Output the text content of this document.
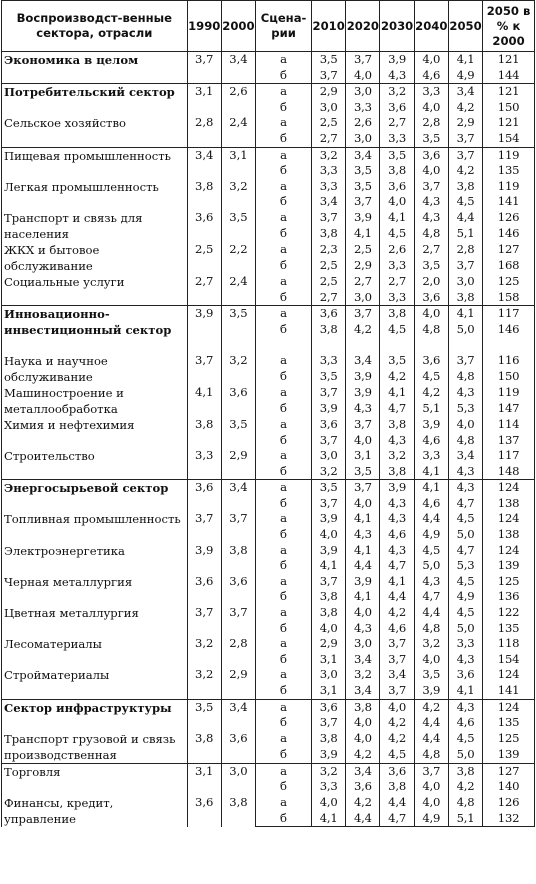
Воспроизводст-венные сектора, отрасли	1990	2000	Сцена-рии	2010	2020	2030	2040	2050	2050 в % к 2000
Экономика в целом	3,7	3,4	а	3,5	3,7	3,9	4,0	4,1	121
			б	3,7	4,0	4,3	4,6	4,9	144
Потребительский сектор	3,1	2,6	а	2,9	3,0	3,2	3,3	3,4	121
			б	3,0	3,3	3,6	4,0	4,2	150
Сельское хозяйство	2,8	2,4	а	2,5	2,6	2,7	2,8	2,9	121
			б	2,7	3,0	3,3	3,5	3,7	154
Пищевая промышленность	3,4	3,1	а	3,2	3,4	3,5	3,6	3,7	119
			б	3,3	3,5	3,8	4,0	4,2	135
Легкая промышленность	3,8	3,2	а	3,3	3,5	3,6	3,7	3,8	119
			б	3,4	3,7	4,0	4,3	4,5	141
Транспорт и связь для населения	3,6	3,5	а	3,7	3,9	4,1	4,3	4,4	126
			б	3,8	4,1	4,5	4,8	5,1	146
ЖКХ и бытовое обслуживание	2,5	2,2	а	2,3	2,5	2,6	2,7	2,8	127
			б	2,5	2,9	3,3	3,5	3,7	168
Социальные услуги	2,7	2,4	а	2,5	2,7	2,7	2,0	3,0	125
			б	2,7	3,0	3,3	3,6	3,8	158
Инновационно-инвестиционный сектор	3,9	3,5	а	3,6	3,7	3,8	4,0	4,1	117
			б	3,8	4,2	4,5	4,8	5,0	146

Наука и научное обслуживание	3,7	3,2	а	3,3	3,4	3,5	3,6	3,7	116
			б	3,5	3,9	4,2	4,5	4,8	150
Машиностроение и металлообработка	4,1	3,6	а	3,7	3,9	4,1	4,2	4,3	119
			б	3,9	4,3	4,7	5,1	5,3	147
Химия и нефтехимия	3,8	3,5	а	3,6	3,7	3,8	3,9	4,0	114
			б	3,7	4,0	4,3	4,6	4,8	137
Строительство	3,3	2,9	а	3,0	3,1	3,2	3,3	3,4	117
			б	3,2	3,5	3,8	4,1	4,3	148
Энергосырьевой сектор	3,6	3,4	а	3,5	3,7	3,9	4,1	4,3	124
			б	3,7	4,0	4,3	4,6	4,7	138
Топливная промышленность	3,7	3,7	а	3,9	4,1	4,3	4,4	4,5	124
			б	4,0	4,3	4,6	4,9	5,0	138
Электроэнергетика	3,9	3,8	а	3,9	4,1	4,3	4,5	4,7	124
			б	4,1	4,4	4,7	5,0	5,3	139
Черная металлургия	3,6	3,6	а	3,7	3,9	4,1	4,3	4,5	125
			б	3,8	4,1	4,4	4,7	4,9	136
Цветная металлургия	3,7	3,7	а	3,8	4,0	4,2	4,4	4,5	122
			б	4,0	4,3	4,6	4,8	5,0	135
Лесоматериалы	3,2	2,8	а	2,9	3,0	3,7	3,2	3,3	118
			б	3,1	3,4	3,7	4,0	4,3	154
Стройматериалы	3,2	2,9	а	3,0	3,2	3,4	3,5	3,6	124
			б	3,1	3,4	3,7	3,9	4,1	141
Сектор инфраструктуры	3,5	3,4	а	3,6	3,8	4,0	4,2	4,3	124
			б	3,7	4,0	4,2	4,4	4,6	135
Транспорт грузовой и связь производственная	3,8	3,6	а	3,8	4,0	4,2	4,4	4,5	125
			б	3,9	4,2	4,5	4,8	5,0	139
Торговля	3,1	3,0	а	3,2	3,4	3,6	3,7	3,8	127
			б	3,3	3,6	3,8	4,0	4,2	140
Финансы, кредит, управление	3,6	3,8	а	4,0	4,2	4,4	4,0	4,8	126
			б	4,1	4,4	4,7	4,9	5,1	132
